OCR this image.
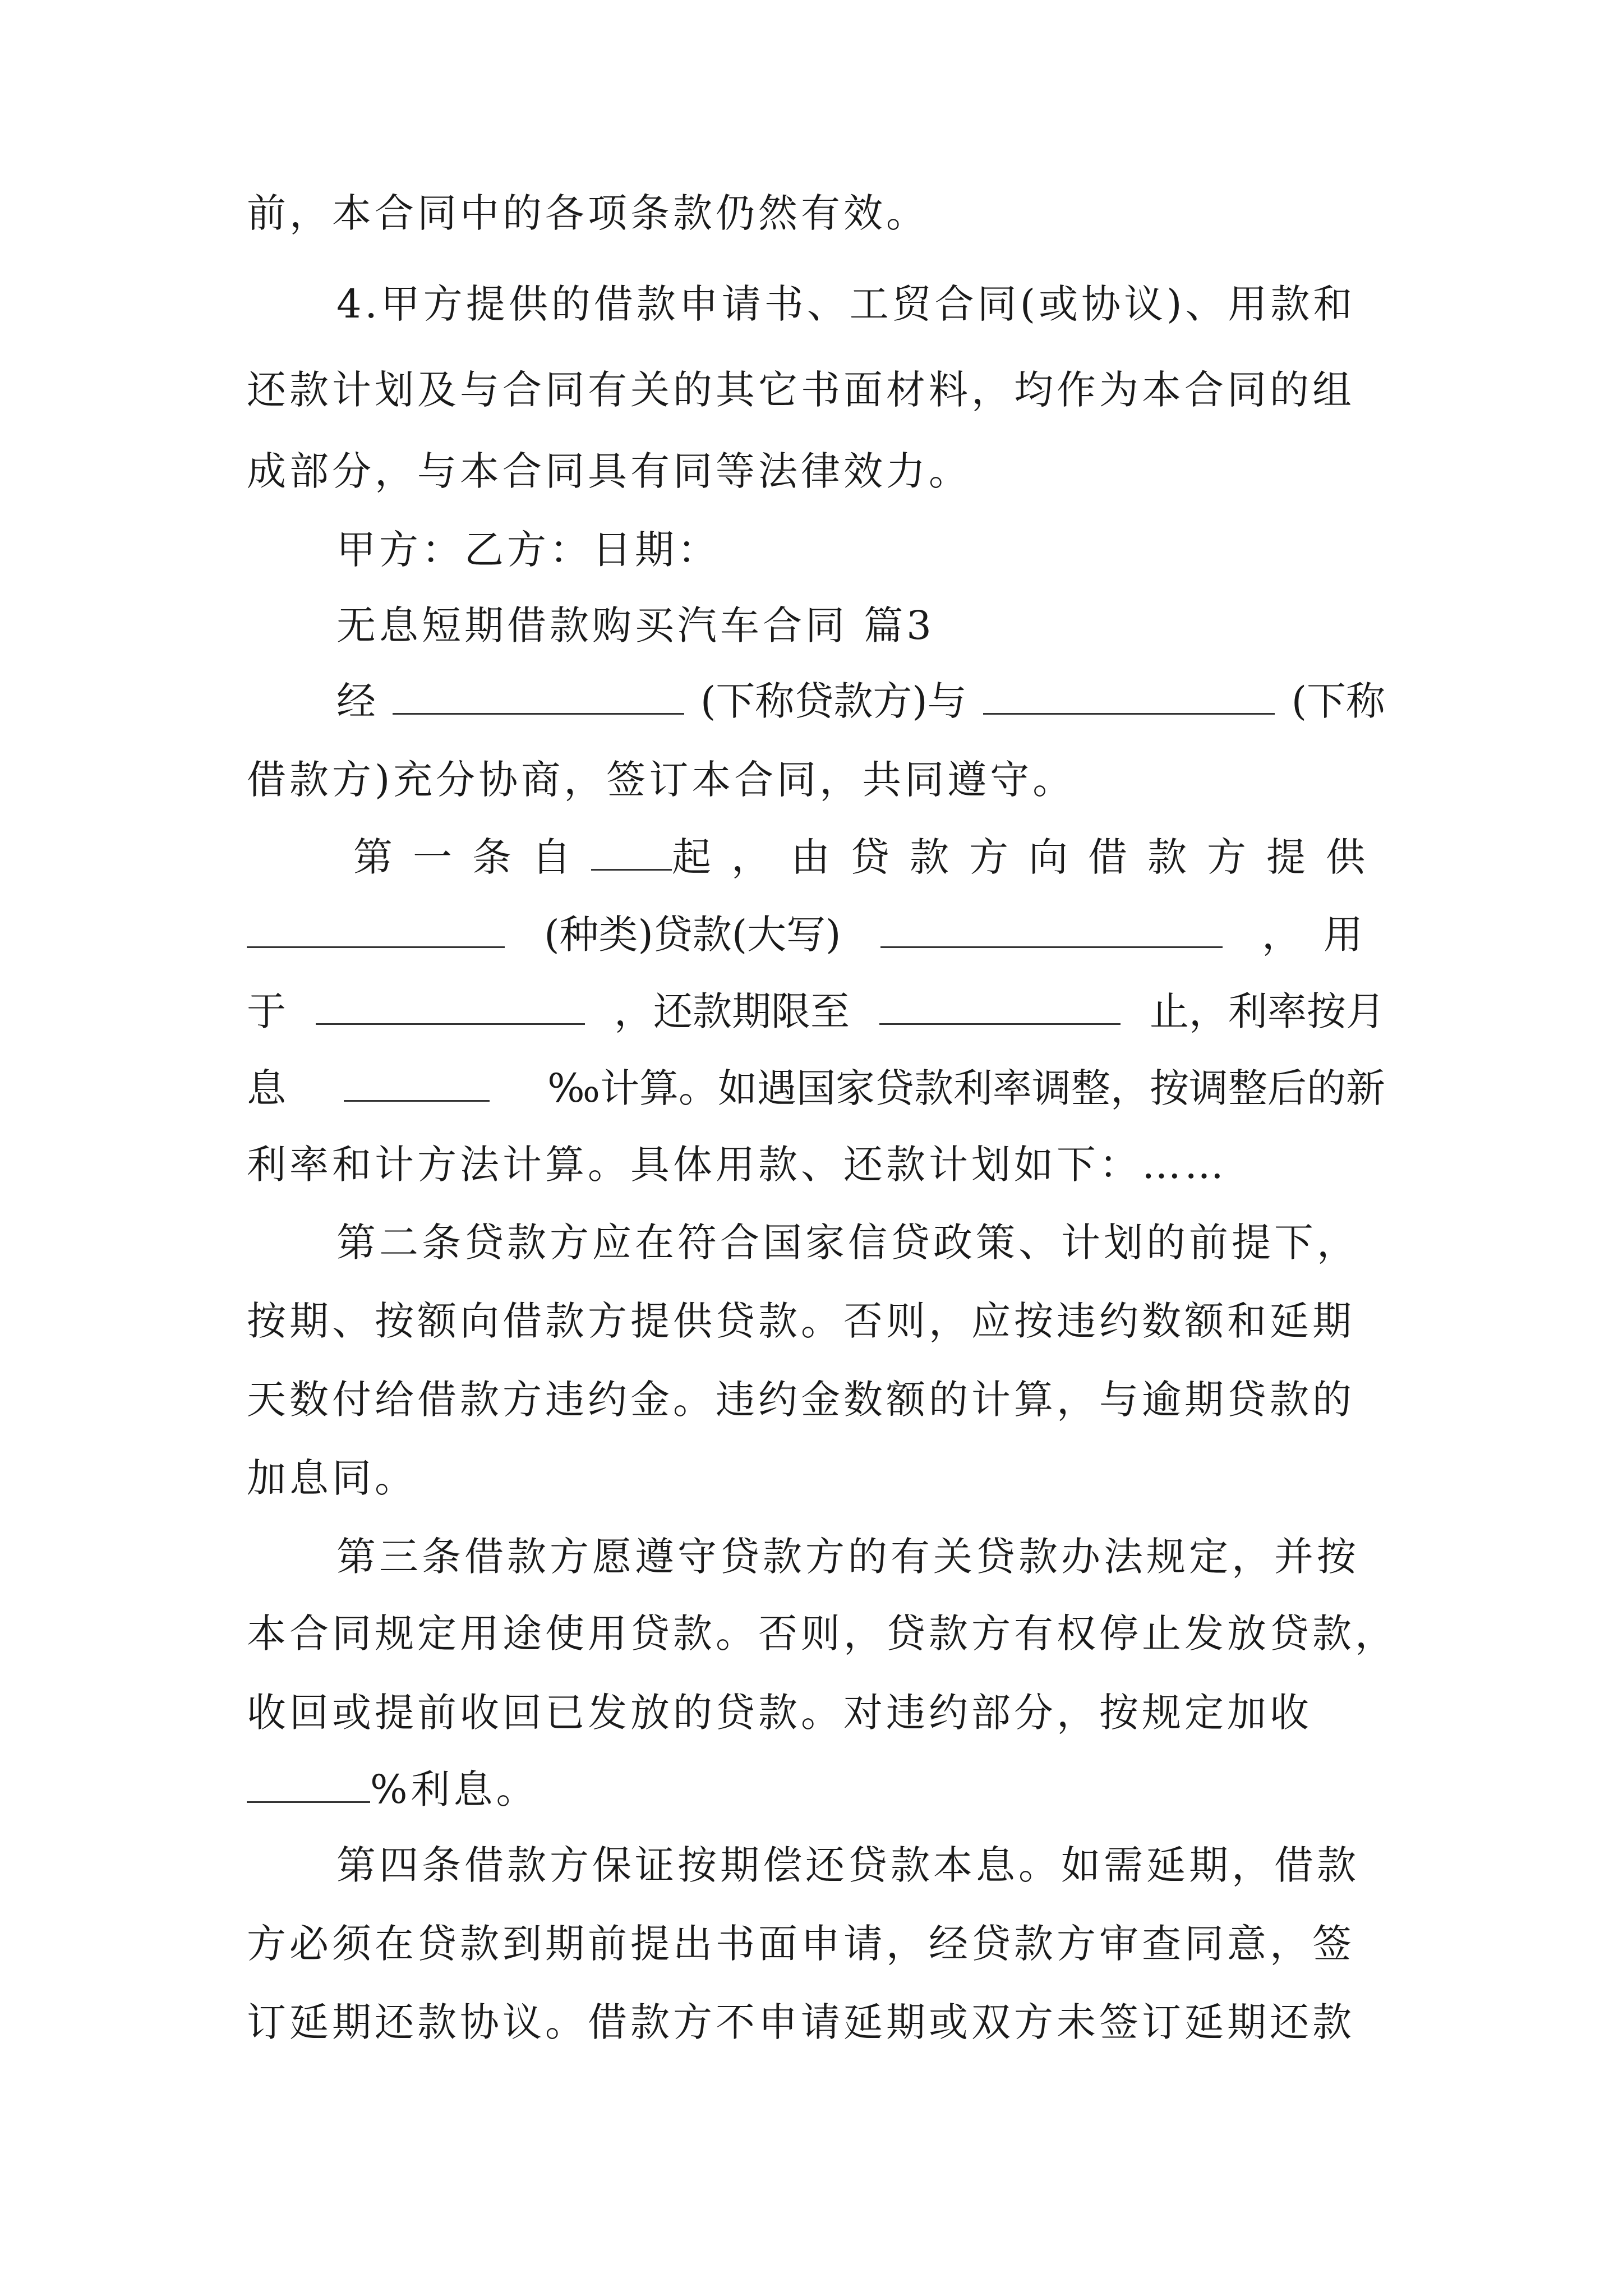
前，本合同中的各项条款仍然有效。
4.甲方提供的借款申请书、工贸合同(或协议)、用款和
还款计划及与合同有关的其它书面材料，均作为本合同的组
成部分，与本合同具有同等法律效力。
甲方：乙方：日期：
无息短期借款购买汽车合同 篇3
经	(下称贷款方)与	(下称
借款方)充分协商，签订本合同，共同遵守。
第一条自 起，由贷款方向借款方提供
(种类)贷款(大写)	，用
于	，还款期限至	止，利率按月
息	‰计算。如遇国家贷款利率调整，按调整后的新
利率和计方法计算。具体用款、还款计划如下：……
第二条贷款方应在符合国家信贷政策、计划的前提下，
按期、按额向借款方提供贷款。否则，应按违约数额和延期
天数付给借款方违约金。违约金数额的计算，与逾期贷款的
加息同。
第三条借款方愿遵守贷款方的有关贷款办法规定，并按
本合同规定用途使用贷款。否则，贷款方有权停止发放贷款，
收回或提前收回已发放的贷款。对违约部分，按规定加收
%利息。
第四条借款方保证按期偿还贷款本息。如需延期，借款
方必须在贷款到期前提出书面申请，经贷款方审查同意，签
订延期还款协议。借款方不申请延期或双方未签订延期还款
